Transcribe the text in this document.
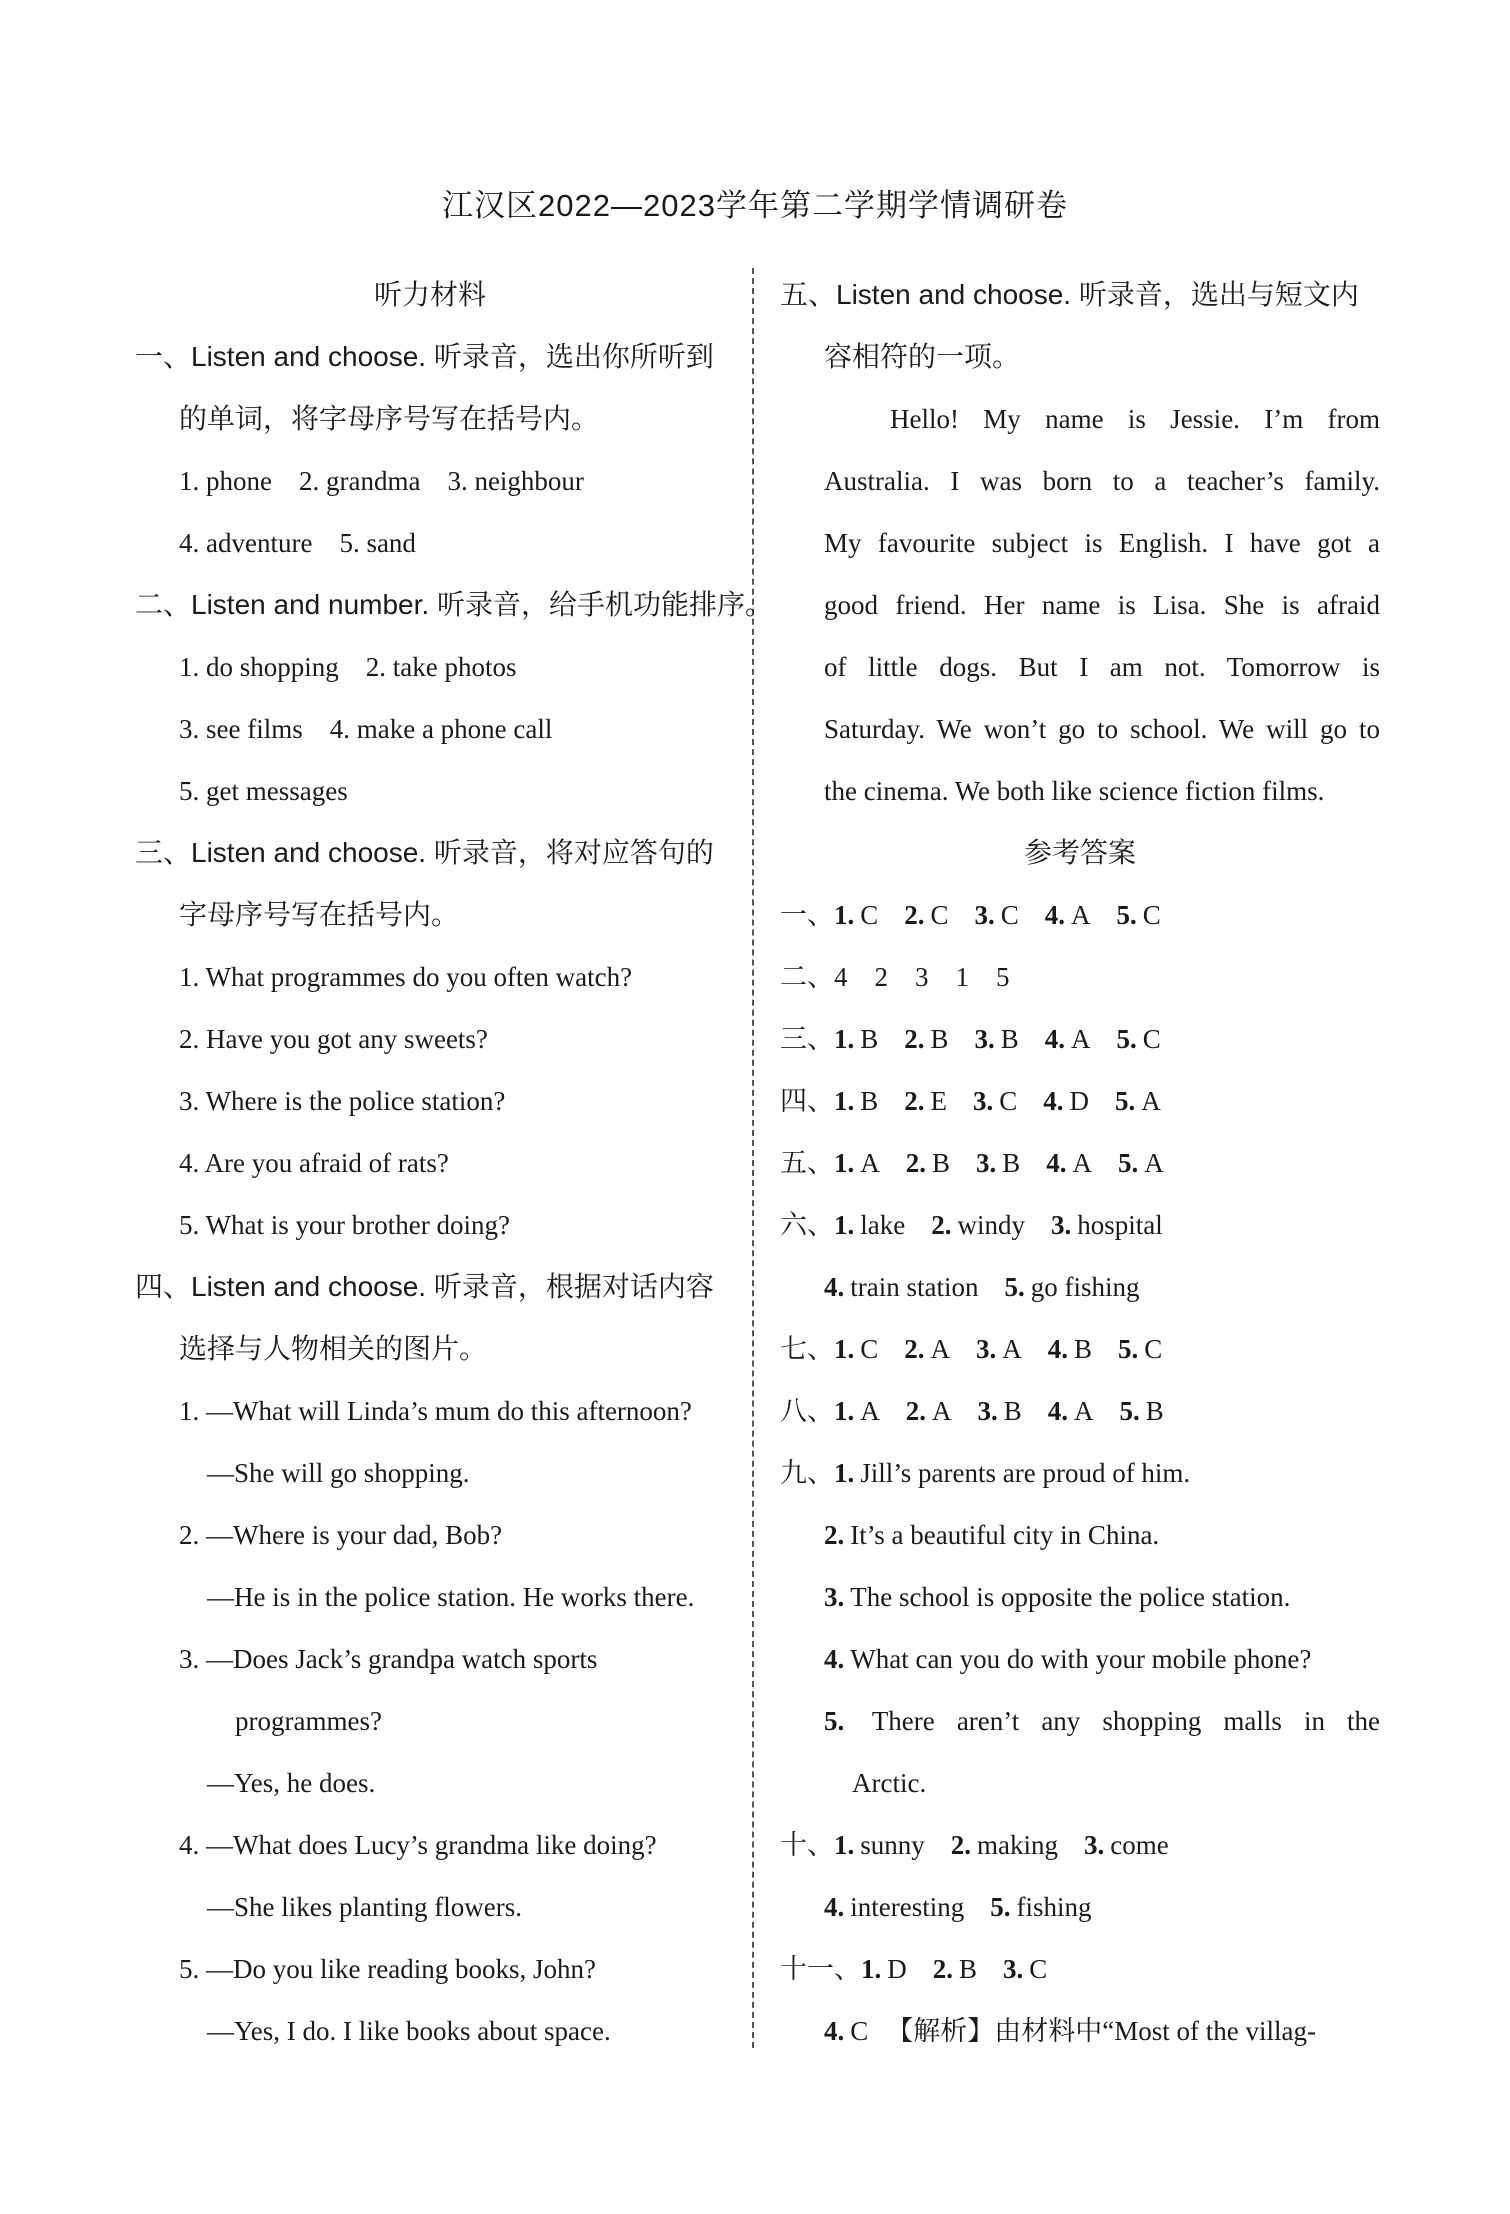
江汉区2022—2023学年第二学期学情调研卷
听力材料
一、Listen and choose. 听录音，选出你所听到
的单词，将字母序号写在括号内。
1. phone    2. grandma    3. neighbour
4. adventure    5. sand
二、Listen and number. 听录音，给手机功能排序。
1. do shopping    2. take photos
3. see films    4. make a phone call
5. get messages
三、Listen and choose. 听录音，将对应答句的
字母序号写在括号内。
1. What programmes do you often watch?
2. Have you got any sweets?
3. Where is the police station?
4. Are you afraid of rats?
5. What is your brother doing?
四、Listen and choose. 听录音，根据对话内容
选择与人物相关的图片。
1. —What will Linda’s mum do this afternoon?
—She will go shopping.
2. —Where is your dad, Bob?
—He is in the police station. He works there.
3. —Does Jack’s grandpa watch sports
programmes?
—Yes, he does.
4. —What does Lucy’s grandma like doing?
—She likes planting flowers.
5. —Do you like reading books, John?
—Yes, I do. I like books about space.
五、Listen and choose. 听录音，选出与短文内
容相符的一项。
Hello! My name is Jessie. I’m from
Australia. I was born to a teacher’s family.
My favourite subject is English. I have got a
good friend. Her name is Lisa. She is afraid
of little dogs. But I am not. Tomorrow is
Saturday. We won’t go to school. We will go to
the cinema. We both like science fiction films.
参考答案
一、1. C 2. C 3. C 4. A 5. C
二、4    2    3    1    5
三、1. B 2. B 3. B 4. A 5. C
四、1. B 2. E 3. C 4. D 5. A
五、1. A 2. B 3. B 4. A 5. A
六、1. lake 2. windy 3. hospital
4. train station 5. go fishing
七、1. C 2. A 3. A 4. B 5. C
八、1. A 2. A 3. B 4. A 5. B
九、1. Jill’s parents are proud of him.
2. It’s a beautiful city in China.
3. The school is opposite the police station.
4. What can you do with your mobile phone?
5. There aren’t any shopping malls in the
Arctic.
十、1. sunny 2. making 3. come
4. interesting 5. fishing
十一、1. D 2. B 3. C
4. C 【解析】由材料中“Most of the villag-
